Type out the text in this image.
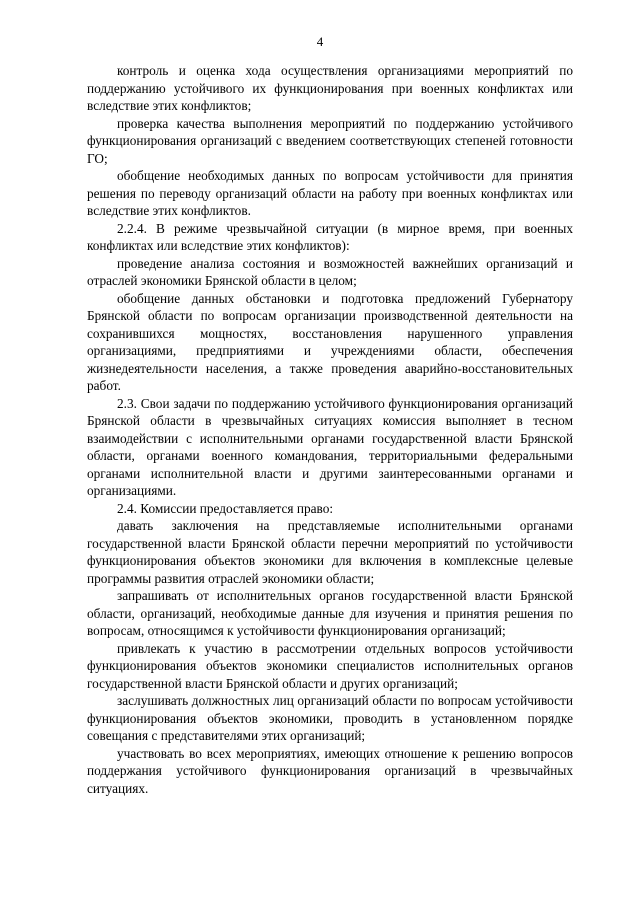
4

контроль и оценка хода осуществления организациями мероприятий по поддержанию устойчивого их функционирования при военных конфликтах или вследствие этих конфликтов;

проверка качества выполнения мероприятий по поддержанию устойчивого функционирования организаций с введением соответствующих степеней готовности ГО;

обобщение необходимых данных по вопросам устойчивости для принятия решения по переводу организаций области на работу при военных конфликтах или вследствие этих конфликтов.

2.2.4. В режиме чрезвычайной ситуации (в мирное время, при военных конфликтах или вследствие этих конфликтов):

проведение анализа состояния и возможностей важнейших организаций и отраслей экономики Брянской области в целом;

обобщение данных обстановки и подготовка предложений Губернатору Брянской области по вопросам организации производственной деятельности на сохранившихся мощностях, восстановления нарушенного управления организациями, предприятиями и учреждениями области, обеспечения жизнедеятельности населения, а также проведения аварийно-восстановительных работ.

2.3. Свои задачи по поддержанию устойчивого функционирования организаций Брянской области в чрезвычайных ситуациях комиссия выполняет в тесном взаимодействии с исполнительными органами государственной власти Брянской области, органами военного командования, территориальными федеральными органами исполнительной власти и другими заинтересованными органами и организациями.

2.4. Комиссии предоставляется право:

давать заключения на представляемые исполнительными органами государственной власти Брянской области перечни мероприятий по устойчивости функционирования объектов экономики для включения в комплексные целевые программы развития отраслей экономики области;

запрашивать от исполнительных органов государственной власти Брянской области, организаций, необходимые данные для изучения и принятия решения по вопросам, относящимся к устойчивости функционирования организаций;

привлекать к участию в рассмотрении отдельных вопросов устойчивости функционирования объектов экономики специалистов исполнительных органов государственной власти Брянской области и других организаций;

заслушивать должностных лиц организаций области по вопросам устойчивости функционирования объектов экономики, проводить в установленном порядке совещания с представителями этих организаций;

участвовать во всех мероприятиях, имеющих отношение к решению вопросов поддержания устойчивого функционирования организаций в чрезвычайных ситуациях.
